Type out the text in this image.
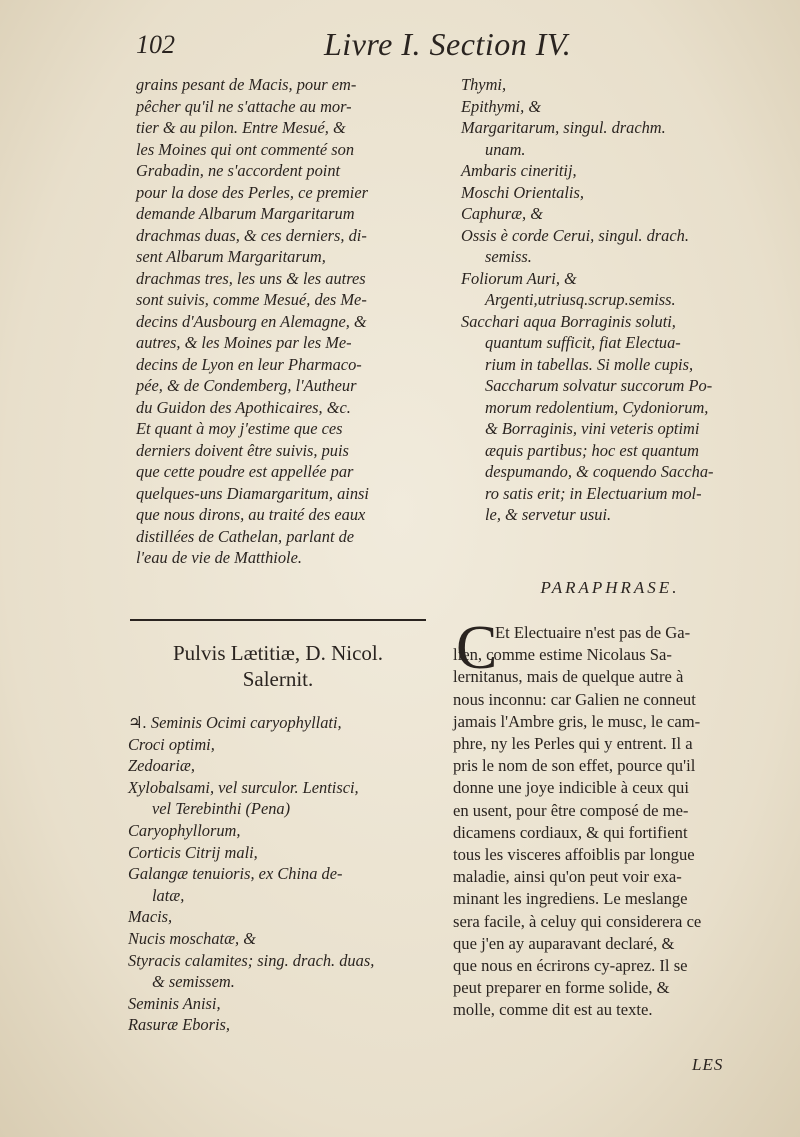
102	Livre I. Section IV.
grains pesant de Macis, pour em-
pêcher qu'il ne s'attache au mor-
tier & au pilon. Entre Mesué, &
les Moines qui ont commenté son
Grabadin, ne s'accordent point
pour la dose des Perles, ce premier
demande Albarum Margaritarum
drachmas duas, & ces derniers, di-
sent Albarum Margaritarum,
drachmas tres, les uns & les autres
sont suivis, comme Mesué, des Me-
decins d'Ausbourg en Alemagne, &
autres, & les Moines par les Me-
decins de Lyon en leur Pharmaco-
pée, & de Condemberg, l'Autheur
du Guidon des Apothicaires, &c.
Et quant à moy j'estime que ces
derniers doivent être suivis, puis
que cette poudre est appellée par
quelques-uns Diamargaritum, ainsi
que nous dirons, au traité des eaux
distillées de Cathelan, parlant de
l'eau de vie de Matthiole.
Thymi,
Epithymi, &
Margaritarum, singul. drachm.
unam.
Ambaris cineritij,
Moschi Orientalis,
Caphuræ, &
Ossis è corde Cerui, singul. drach.
semiss.
Foliorum Auri, &
Argenti,utriusq.scrup.semiss.
Sacchari aqua Borraginis soluti,
quantum sufficit, fiat Electua-
rium in tabellas. Si molle cupis,
Saccharum solvatur succorum Po-
morum redolentium, Cydoniorum,
& Borraginis, vini veteris optimi
æquis partibus; hoc est quantum
despumando, & coquendo Saccha-
ro satis erit; in Electuarium mol-
le, & servetur usui.
Pulvis Lætitiæ, D. Nicol.
Salernit.
♃. Seminis Ocimi caryophyllati,
Croci optimi,
Zedoariæ,
Xylobalsami, vel surculor. Lentisci,
vel Terebinthi (Pena)
Caryophyllorum,
Corticis Citrij mali,
Galangæ tenuioris, ex China de-
latæ,
Macis,
Nucis moschatæ, &
Styracis calamites; sing. drach. duas,
& semissem.
Seminis Anisi,
Rasuræ Eboris,
PARAPHRASE.
C
Et Electuaire n'est pas de Ga-
lien, comme estime Nicolaus Sa-
lernitanus, mais de quelque autre à
nous inconnu: car Galien ne conneut
jamais l'Ambre gris, le musc, le cam-
phre, ny les Perles qui y entrent. Il a
pris le nom de son effet, pource qu'il
donne une joye indicible à ceux qui
en usent, pour être composé de me-
dicamens cordiaux, & qui fortifient
tous les visceres affoiblis par longue
maladie, ainsi qu'on peut voir exa-
minant les ingrediens. Le meslange
sera facile, à celuy qui considerera ce
que j'en ay auparavant declaré, &
que nous en écrirons cy-aprez. Il se
peut preparer en forme solide, &
molle, comme dit est au texte.
LES
